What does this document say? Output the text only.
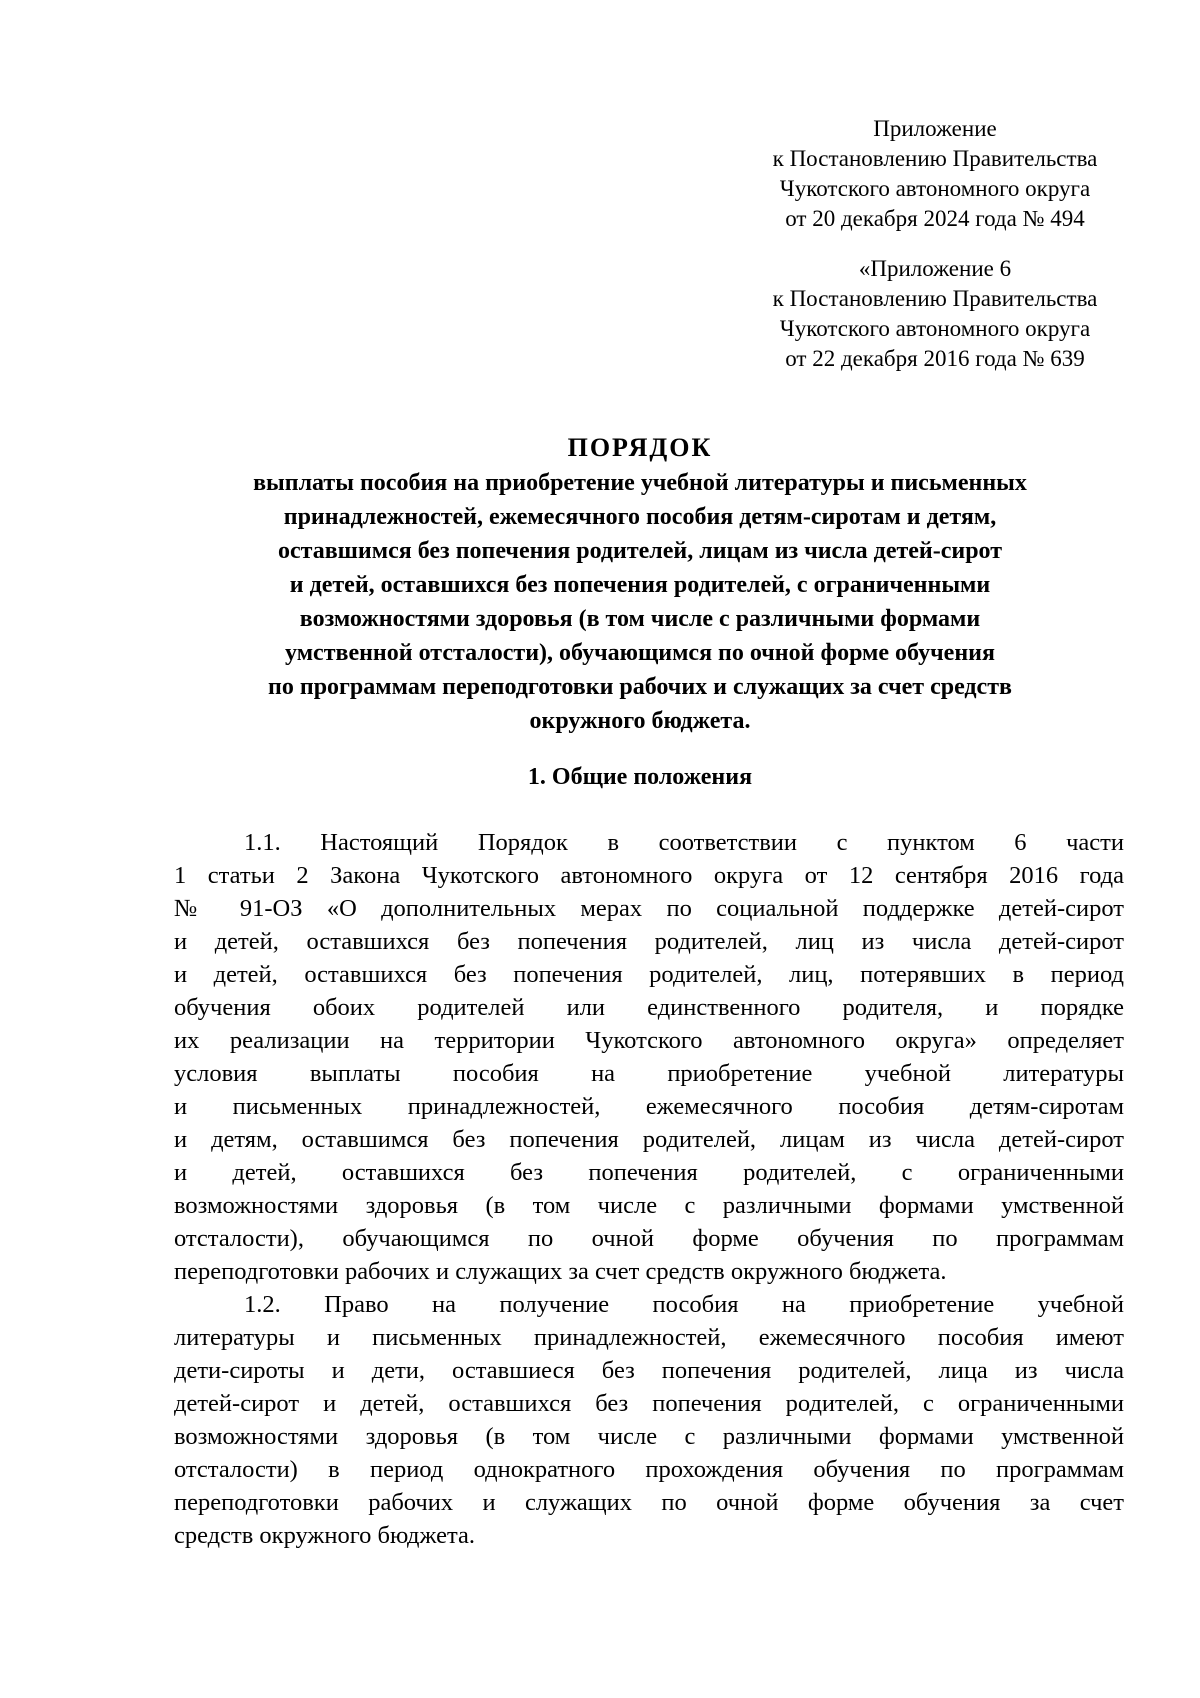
Приложение
к Постановлению Правительства
Чукотского автономного округа
от 20 декабря 2024 года № 494
«Приложение 6
к Постановлению Правительства
Чукотского автономного округа
от 22 декабря 2016 года № 639
ПОРЯДОК
выплаты пособия на приобретение учебной литературы и письменных
принадлежностей, ежемесячного пособия детям-сиротам и детям,
оставшимся без попечения родителей, лицам из числа детей-сирот
и детей, оставшихся без попечения родителей, с ограниченными
возможностями здоровья (в том числе с различными формами
умственной отсталости), обучающимся по очной форме обучения
по программам переподготовки рабочих и служащих за счет средств
окружного бюджета.
1. Общие положения
1.1. Настоящий Порядок в соответствии с пунктом 6 части
1 статьи 2 Закона Чукотского автономного округа от 12 сентября 2016 года
№ 91-ОЗ «О дополнительных мерах по социальной поддержке детей-сирот
и детей, оставшихся без попечения родителей, лиц из числа детей-сирот
и детей, оставшихся без попечения родителей, лиц, потерявших в период
обучения обоих родителей или единственного родителя, и порядке
их реализации на территории Чукотского автономного округа» определяет
условия выплаты пособия на приобретение учебной литературы
и письменных принадлежностей, ежемесячного пособия детям-сиротам
и детям, оставшимся без попечения родителей, лицам из числа детей-сирот
и детей, оставшихся без попечения родителей, с ограниченными
возможностями здоровья (в том числе с различными формами умственной
отсталости), обучающимся по очной форме обучения по программам
переподготовки рабочих и служащих за счет средств окружного бюджета.
1.2. Право на получение пособия на приобретение учебной
литературы и письменных принадлежностей, ежемесячного пособия имеют
дети-сироты и дети, оставшиеся без попечения родителей, лица из числа
детей-сирот и детей, оставшихся без попечения родителей, с ограниченными
возможностями здоровья (в том числе с различными формами умственной
отсталости) в период однократного прохождения обучения по программам
переподготовки рабочих и служащих по очной форме обучения за счет
средств окружного бюджета.
